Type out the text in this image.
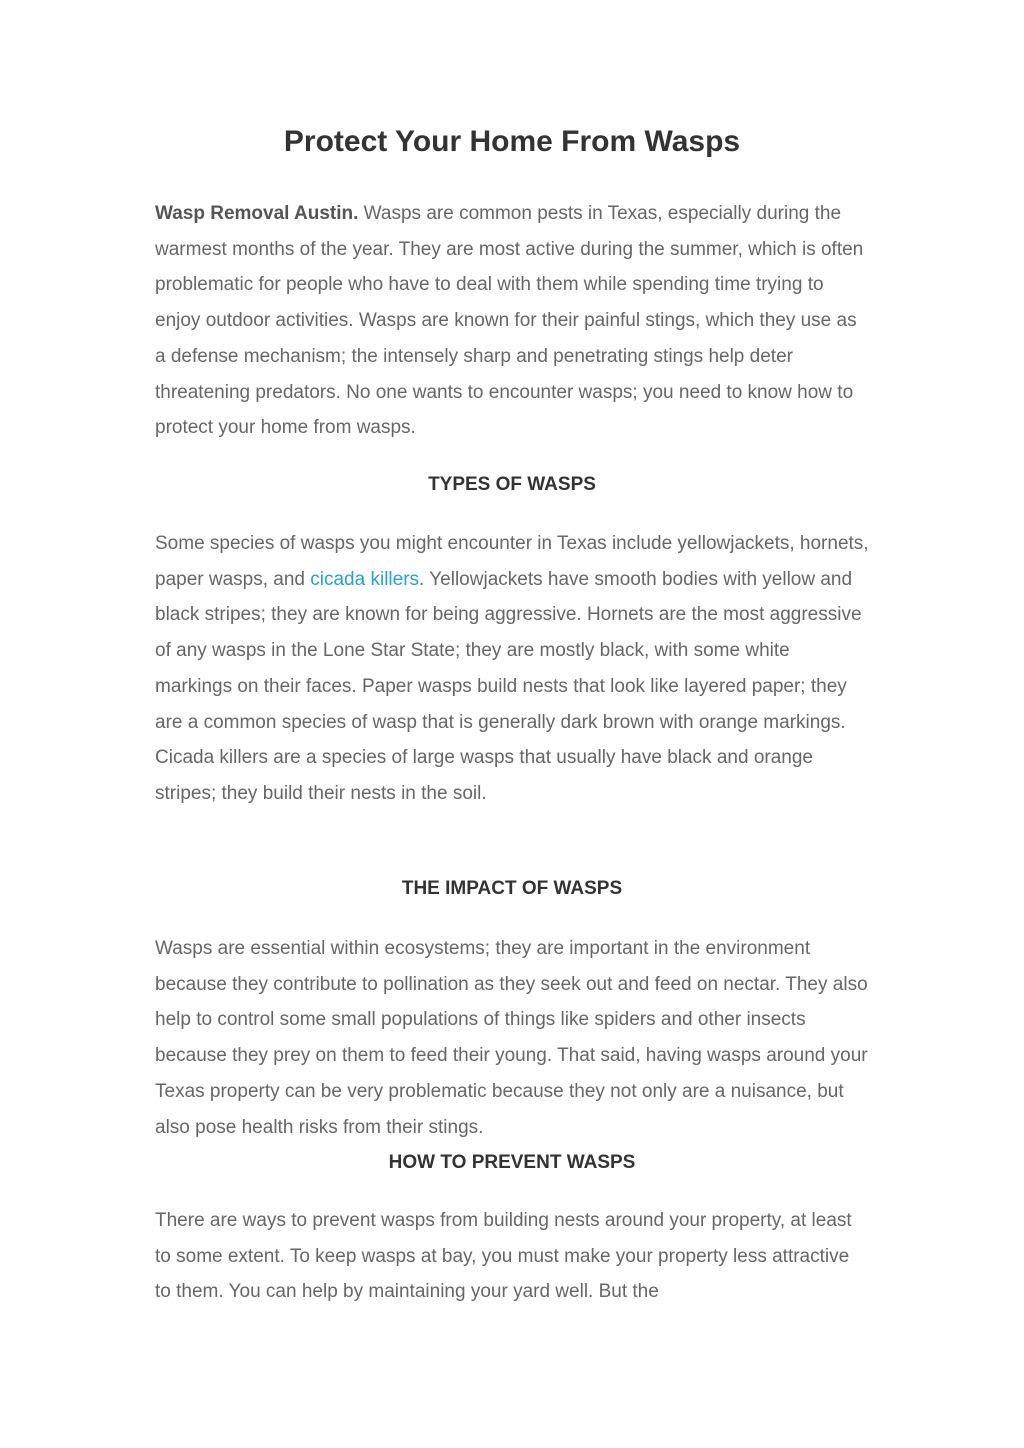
Protect Your Home From Wasps

Wasp Removal Austin. Wasps are common pests in Texas, especially during the warmest months of the year. They are most active during the summer, which is often problematic for people who have to deal with them while spending time trying to enjoy outdoor activities. Wasps are known for their painful stings, which they use as a defense mechanism; the intensely sharp and penetrating stings help deter threatening predators. No one wants to encounter wasps; you need to know how to protect your home from wasps.

TYPES OF WASPS

Some species of wasps you might encounter in Texas include yellowjackets, hornets, paper wasps, and cicada killers. Yellowjackets have smooth bodies with yellow and black stripes; they are known for being aggressive. Hornets are the most aggressive of any wasps in the Lone Star State; they are mostly black, with some white markings on their faces. Paper wasps build nests that look like layered paper; they are a common species of wasp that is generally dark brown with orange markings. Cicada killers are a species of large wasps that usually have black and orange stripes; they build their nests in the soil.

THE IMPACT OF WASPS

Wasps are essential within ecosystems; they are important in the environment because they contribute to pollination as they seek out and feed on nectar. They also help to control some small populations of things like spiders and other insects because they prey on them to feed their young. That said, having wasps around your Texas property can be very problematic because they not only are a nuisance, but also pose health risks from their stings.

HOW TO PREVENT WASPS

There are ways to prevent wasps from building nests around your property, at least to some extent. To keep wasps at bay, you must make your property less attractive to them. You can help by maintaining your yard well. But the
